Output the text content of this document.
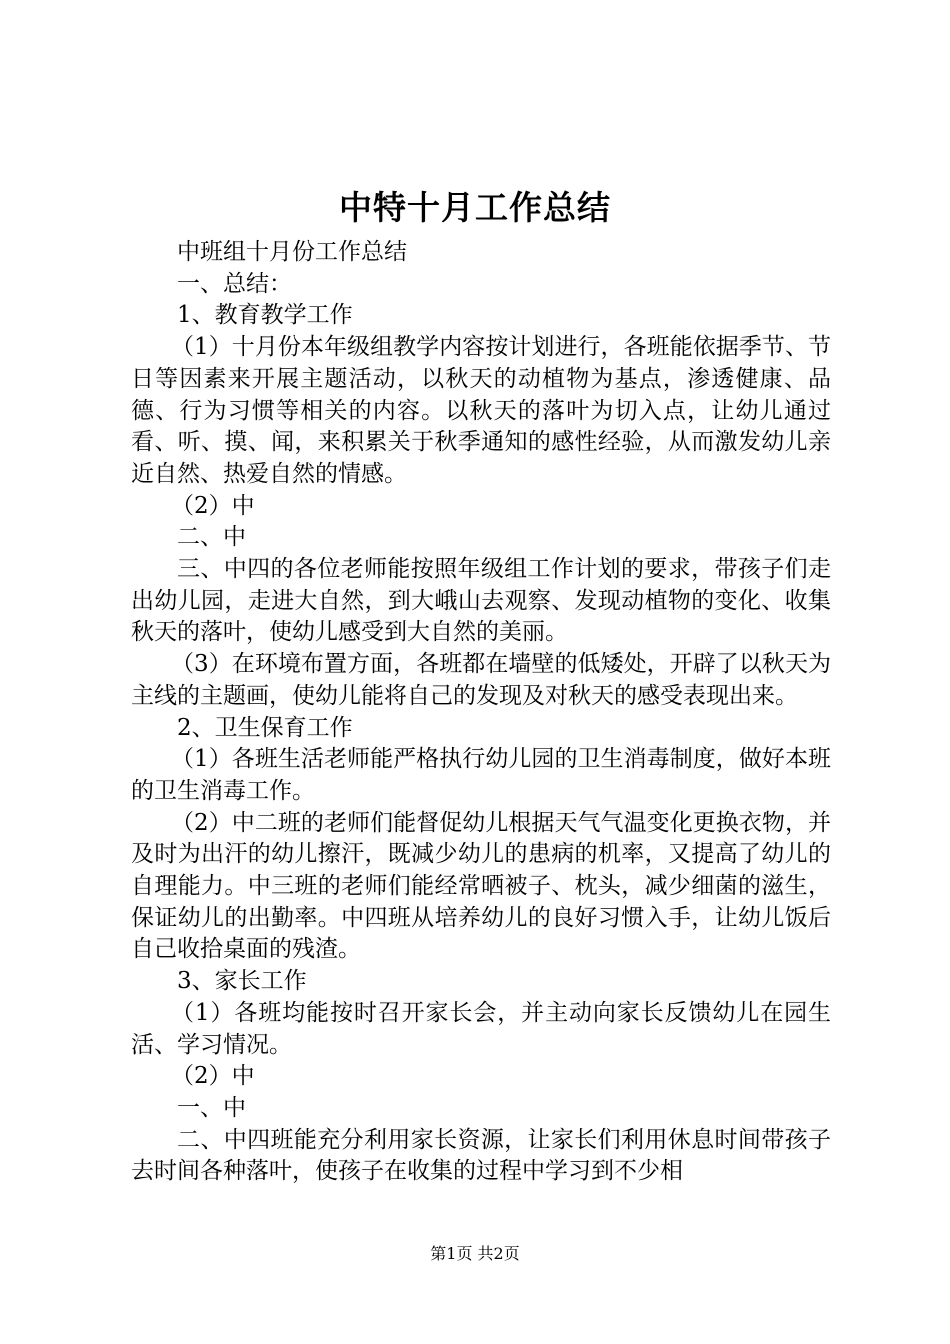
中特十月工作总结

中班组十月份工作总结

一、总结：

1、教育教学工作

（1）十月份本年级组教学内容按计划进行，各班能依据季节、节日等因素来开展主题活动，以秋天的动植物为基点，渗透健康、品德、行为习惯等相关的内容。以秋天的落叶为切入点，让幼儿通过看、听、摸、闻，来积累关于秋季通知的感性经验，从而激发幼儿亲近自然、热爱自然的情感。

（2）中

二、中

三、中四的各位老师能按照年级组工作计划的要求，带孩子们走出幼儿园，走进大自然，到大峨山去观察、发现动植物的变化、收集秋天的落叶，使幼儿感受到大自然的美丽。

（3）在环境布置方面，各班都在墙壁的低矮处，开辟了以秋天为主线的主题画，使幼儿能将自己的发现及对秋天的感受表现出来。

2、卫生保育工作

（1）各班生活老师能严格执行幼儿园的卫生消毒制度，做好本班的卫生消毒工作。

（2）中二班的老师们能督促幼儿根据天气气温变化更换衣物，并及时为出汗的幼儿擦汗，既减少幼儿的患病的机率，又提高了幼儿的自理能力。中三班的老师们能经常晒被子、枕头，减少细菌的滋生，保证幼儿的出勤率。中四班从培养幼儿的良好习惯入手，让幼儿饭后自己收拾桌面的残渣。

3、家长工作

（1）各班均能按时召开家长会，并主动向家长反馈幼儿在园生活、学习情况。

（2）中

一、中

二、中四班能充分利用家长资源，让家长们利用休息时间带孩子去时间各种落叶，使孩子在收集的过程中学习到不少相

第1页 共2页
